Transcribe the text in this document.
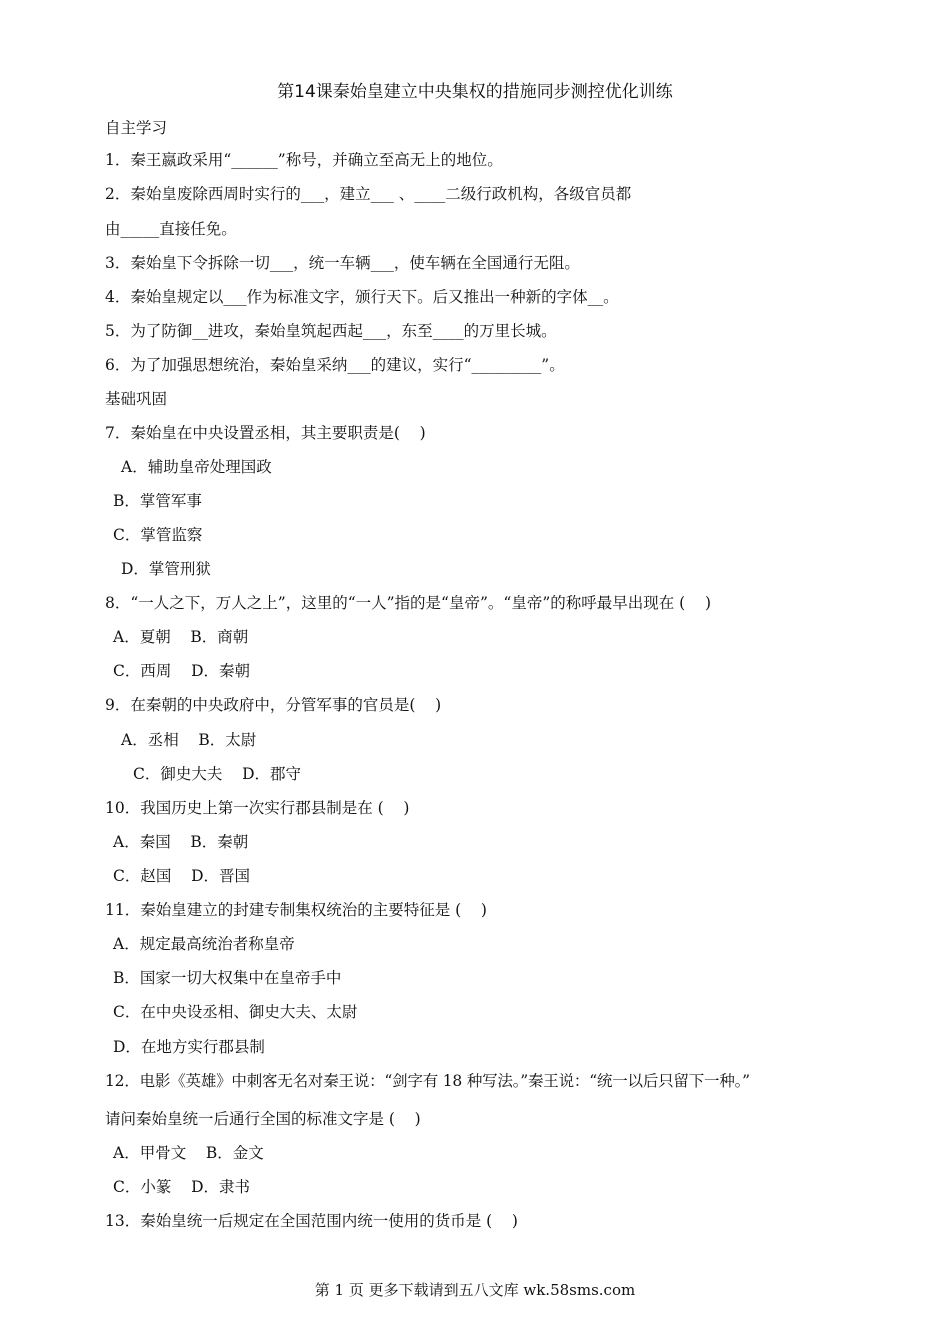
第14课秦始皇建立中央集权的措施同步测控优化训练
自主学习
1．秦王嬴政采用“______”称号，并确立至高无上的地位。
2．秦始皇废除西周时实行的___，建立___ 、____二级行政机构，各级官员都
由_____直接任免。
3．秦始皇下令拆除一切___，统一车辆___，使车辆在全国通行无阻。
4．秦始皇规定以___作为标准文字，颁行天下。后又推出一种新的字体__。
5．为了防御__进攻，秦始皇筑起西起___，东至____的万里长城。
6．为了加强思想统治，秦始皇采纳___的建议，实行“_________”。
基础巩固
7．秦始皇在中央设置丞相，其主要职责是(    )
A．辅助皇帝处理国政
B．掌管军事
C．掌管监察
D．掌管刑狱
8．“一人之下，万人之上”，这里的“一人”指的是“皇帝”。“皇帝”的称呼最早出现在 (    )
A．夏朝    B．商朝
C．西周    D．秦朝
9．在秦朝的中央政府中，分管军事的官员是(    )
A．丞相    B．太尉
C．御史大夫    D．郡守
10．我国历史上第一次实行郡县制是在 (    )
A．秦国    B．秦朝
C．赵国    D．晋国
11．秦始皇建立的封建专制集权统治的主要特征是 (    )
A．规定最高统治者称皇帝
B．国家一切大权集中在皇帝手中
C．在中央设丞相、御史大夫、太尉
D．在地方实行郡县制
12．电影《英雄》中刺客无名对秦王说：“剑字有 18 种写法。”秦王说：“统一以后只留下一种。”
请问秦始皇统一后通行全国的标准文字是 (    )
A．甲骨文    B．金文
C．小篆    D．隶书
13．秦始皇统一后规定在全国范围内统一使用的货币是 (    )
第 1 页 更多下载请到五八文库 wk.58sms.com
